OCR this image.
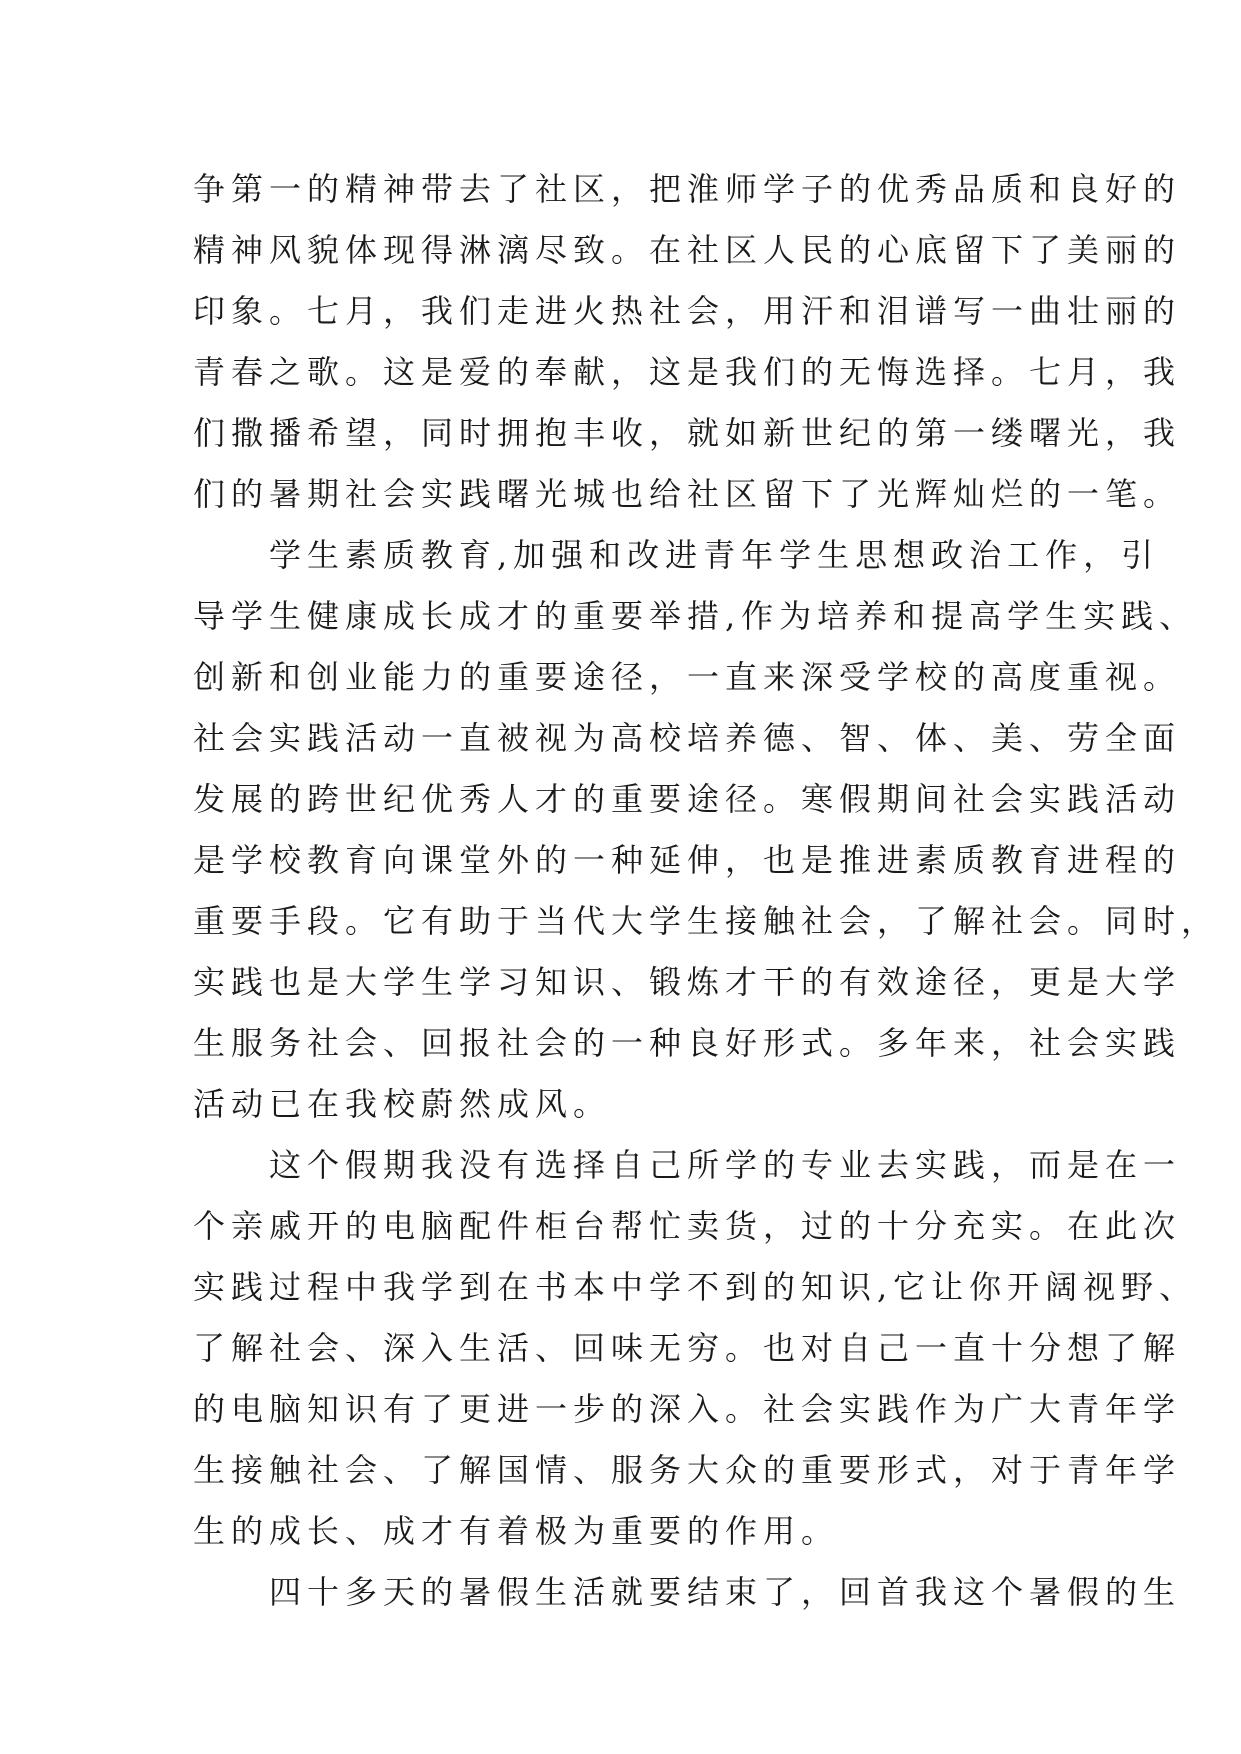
争第一的精神带去了社区，把淮师学子的优秀品质和良好的
精神风貌体现得淋漓尽致。在社区人民的心底留下了美丽的
印象。七月，我们走进火热社会，用汗和泪谱写一曲壮丽的
青春之歌。这是爱的奉献，这是我们的无悔选择。七月，我
们撒播希望，同时拥抱丰收，就如新世纪的第一缕曙光，我
们的暑期社会实践曙光城也给社区留下了光辉灿烂的一笔。
　　学生素质教育,加强和改进青年学生思想政治工作，引
导学生健康成长成才的重要举措,作为培养和提高学生实践、
创新和创业能力的重要途径，一直来深受学校的高度重视。
社会实践活动一直被视为高校培养德、智、体、美、劳全面
发展的跨世纪优秀人才的重要途径。寒假期间社会实践活动
是学校教育向课堂外的一种延伸，也是推进素质教育进程的
重要手段。它有助于当代大学生接触社会，了解社会。同时，
实践也是大学生学习知识、锻炼才干的有效途径，更是大学
生服务社会、回报社会的一种良好形式。多年来，社会实践
活动已在我校蔚然成风。
　　这个假期我没有选择自己所学的专业去实践，而是在一
个亲戚开的电脑配件柜台帮忙卖货，过的十分充实。在此次
实践过程中我学到在书本中学不到的知识,它让你开阔视野、
了解社会、深入生活、回味无穷。也对自己一直十分想了解
的电脑知识有了更进一步的深入。社会实践作为广大青年学
生接触社会、了解国情、服务大众的重要形式，对于青年学
生的成长、成才有着极为重要的作用。
　　四十多天的暑假生活就要结束了，回首我这个暑假的生
